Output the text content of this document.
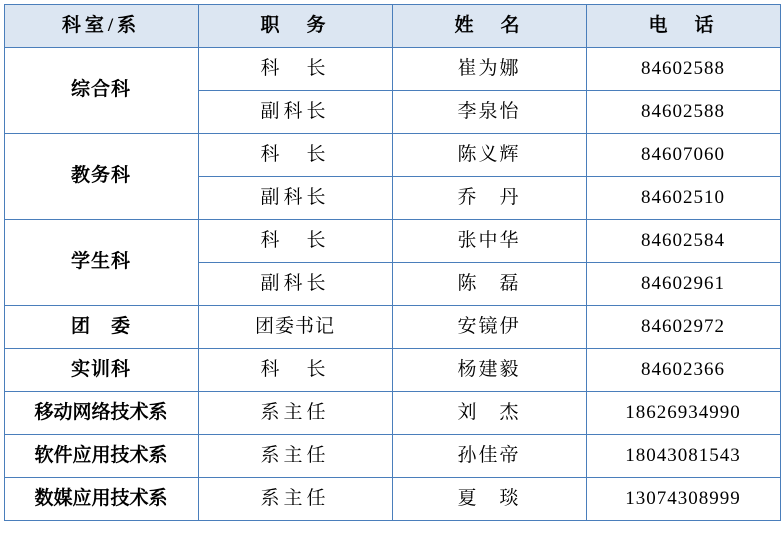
科室/系	职　务	姓　名	电　话
综合科	科　长	崔为娜	84602588
	副科长	李泉怡	84602588
教务科	科　长	陈义辉	84607060
	副科长	乔　丹	84602510
学生科	科　长	张中华	84602584
	副科长	陈　磊	84602961
团　委	团委书记	安镜伊	84602972
实训科	科　长	杨建毅	84602366
移动网络技术系	系主任	刘　杰	18626934990
软件应用技术系	系主任	孙佳帝	18043081543
数媒应用技术系	系主任	夏　琰	13074308999
